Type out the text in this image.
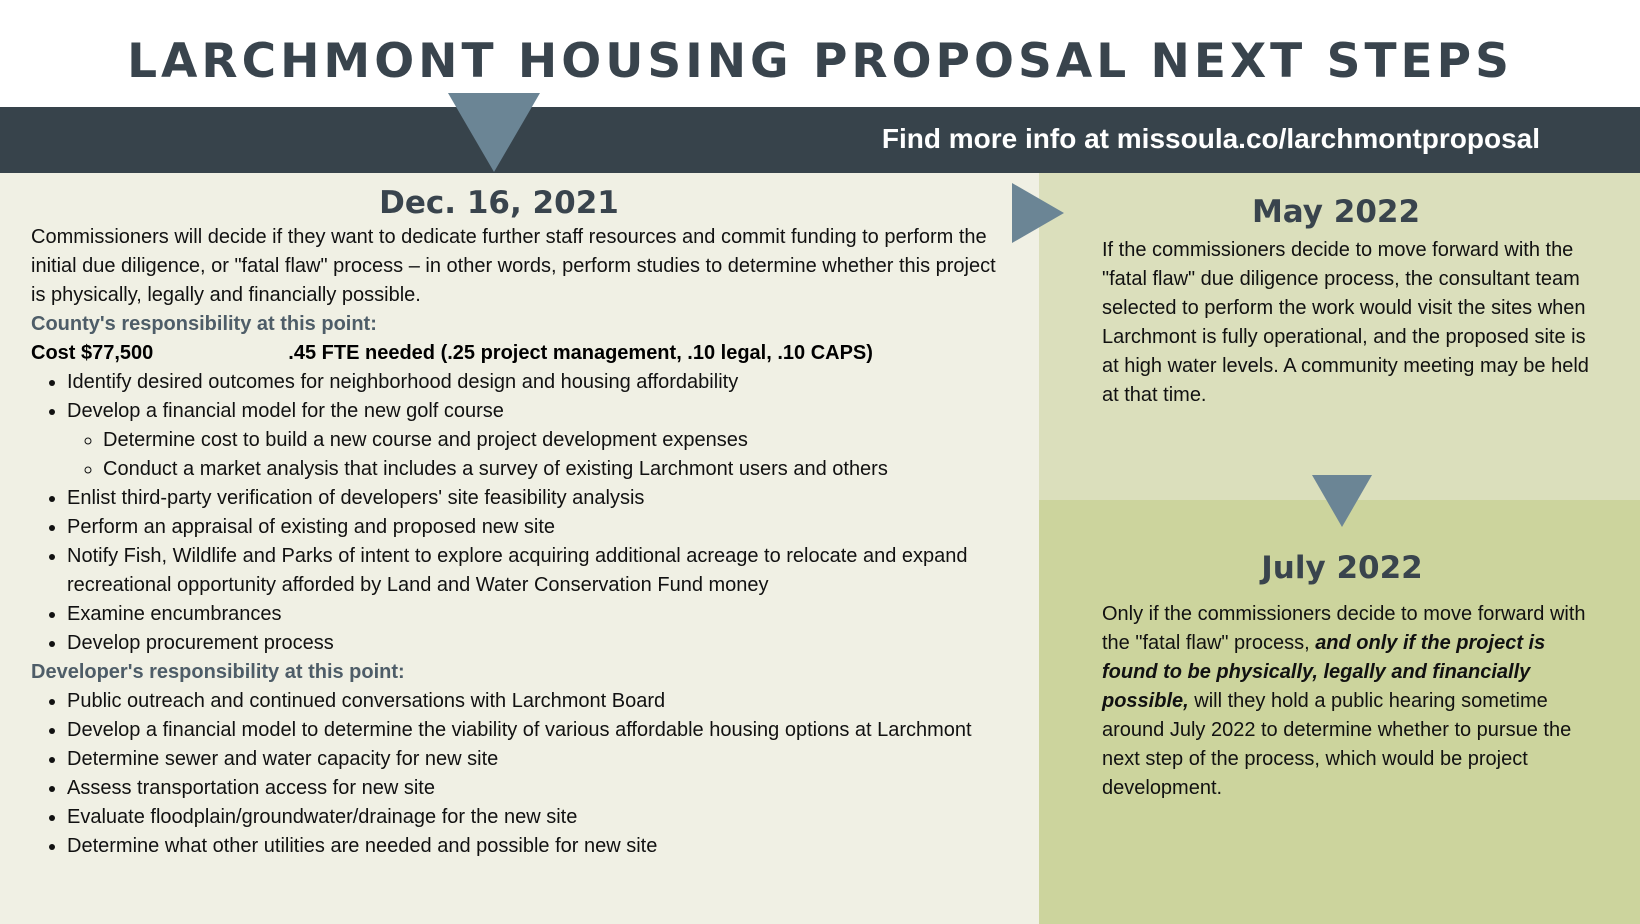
LARCHMONT HOUSING PROPOSAL NEXT STEPS
Find more info at missoula.co/larchmontproposal
Dec. 16, 2021

Commissioners will decide if they want to dedicate further staff resources and commit funding to perform the initial due diligence, or "fatal flaw" process – in other words, perform studies to determine whether this project is physically, legally and financially possible.

County's responsibility at this point:

Cost $77,500	.45 FTE needed (.25 project management, .10 legal, .10 CAPS)

• Identify desired outcomes for neighborhood design and housing affordability
• Develop a financial model for the new golf course
◦ Determine cost to build a new course and project development expenses
◦ Conduct a market analysis that includes a survey of existing Larchmont users and others
• Enlist third-party verification of developers' site feasibility analysis
• Perform an appraisal of existing and proposed new site
• Notify Fish, Wildlife and Parks of intent to explore acquiring additional acreage to relocate and expand recreational opportunity afforded by Land and Water Conservation Fund money
• Examine encumbrances
• Develop procurement process

Developer's responsibility at this point:

• Public outreach and continued conversations with Larchmont Board
• Develop a financial model to determine the viability of various affordable housing options at Larchmont
• Determine sewer and water capacity for new site
• Assess transportation access for new site
• Evaluate floodplain/groundwater/drainage for the new site
• Determine what other utilities are needed and possible for new site
May 2022

If the commissioners decide to move forward with the "fatal flaw" due diligence process, the consultant team selected to perform the work would visit the sites when Larchmont is fully operational, and the proposed site is at high water levels. A community meeting may be held at that time.

July 2022

Only if the commissioners decide to move forward with the "fatal flaw" process, and only if the project is found to be physically, legally and financially possible, will they hold a public hearing sometime around July 2022 to determine whether to pursue the next step of the process, which would be project development.
